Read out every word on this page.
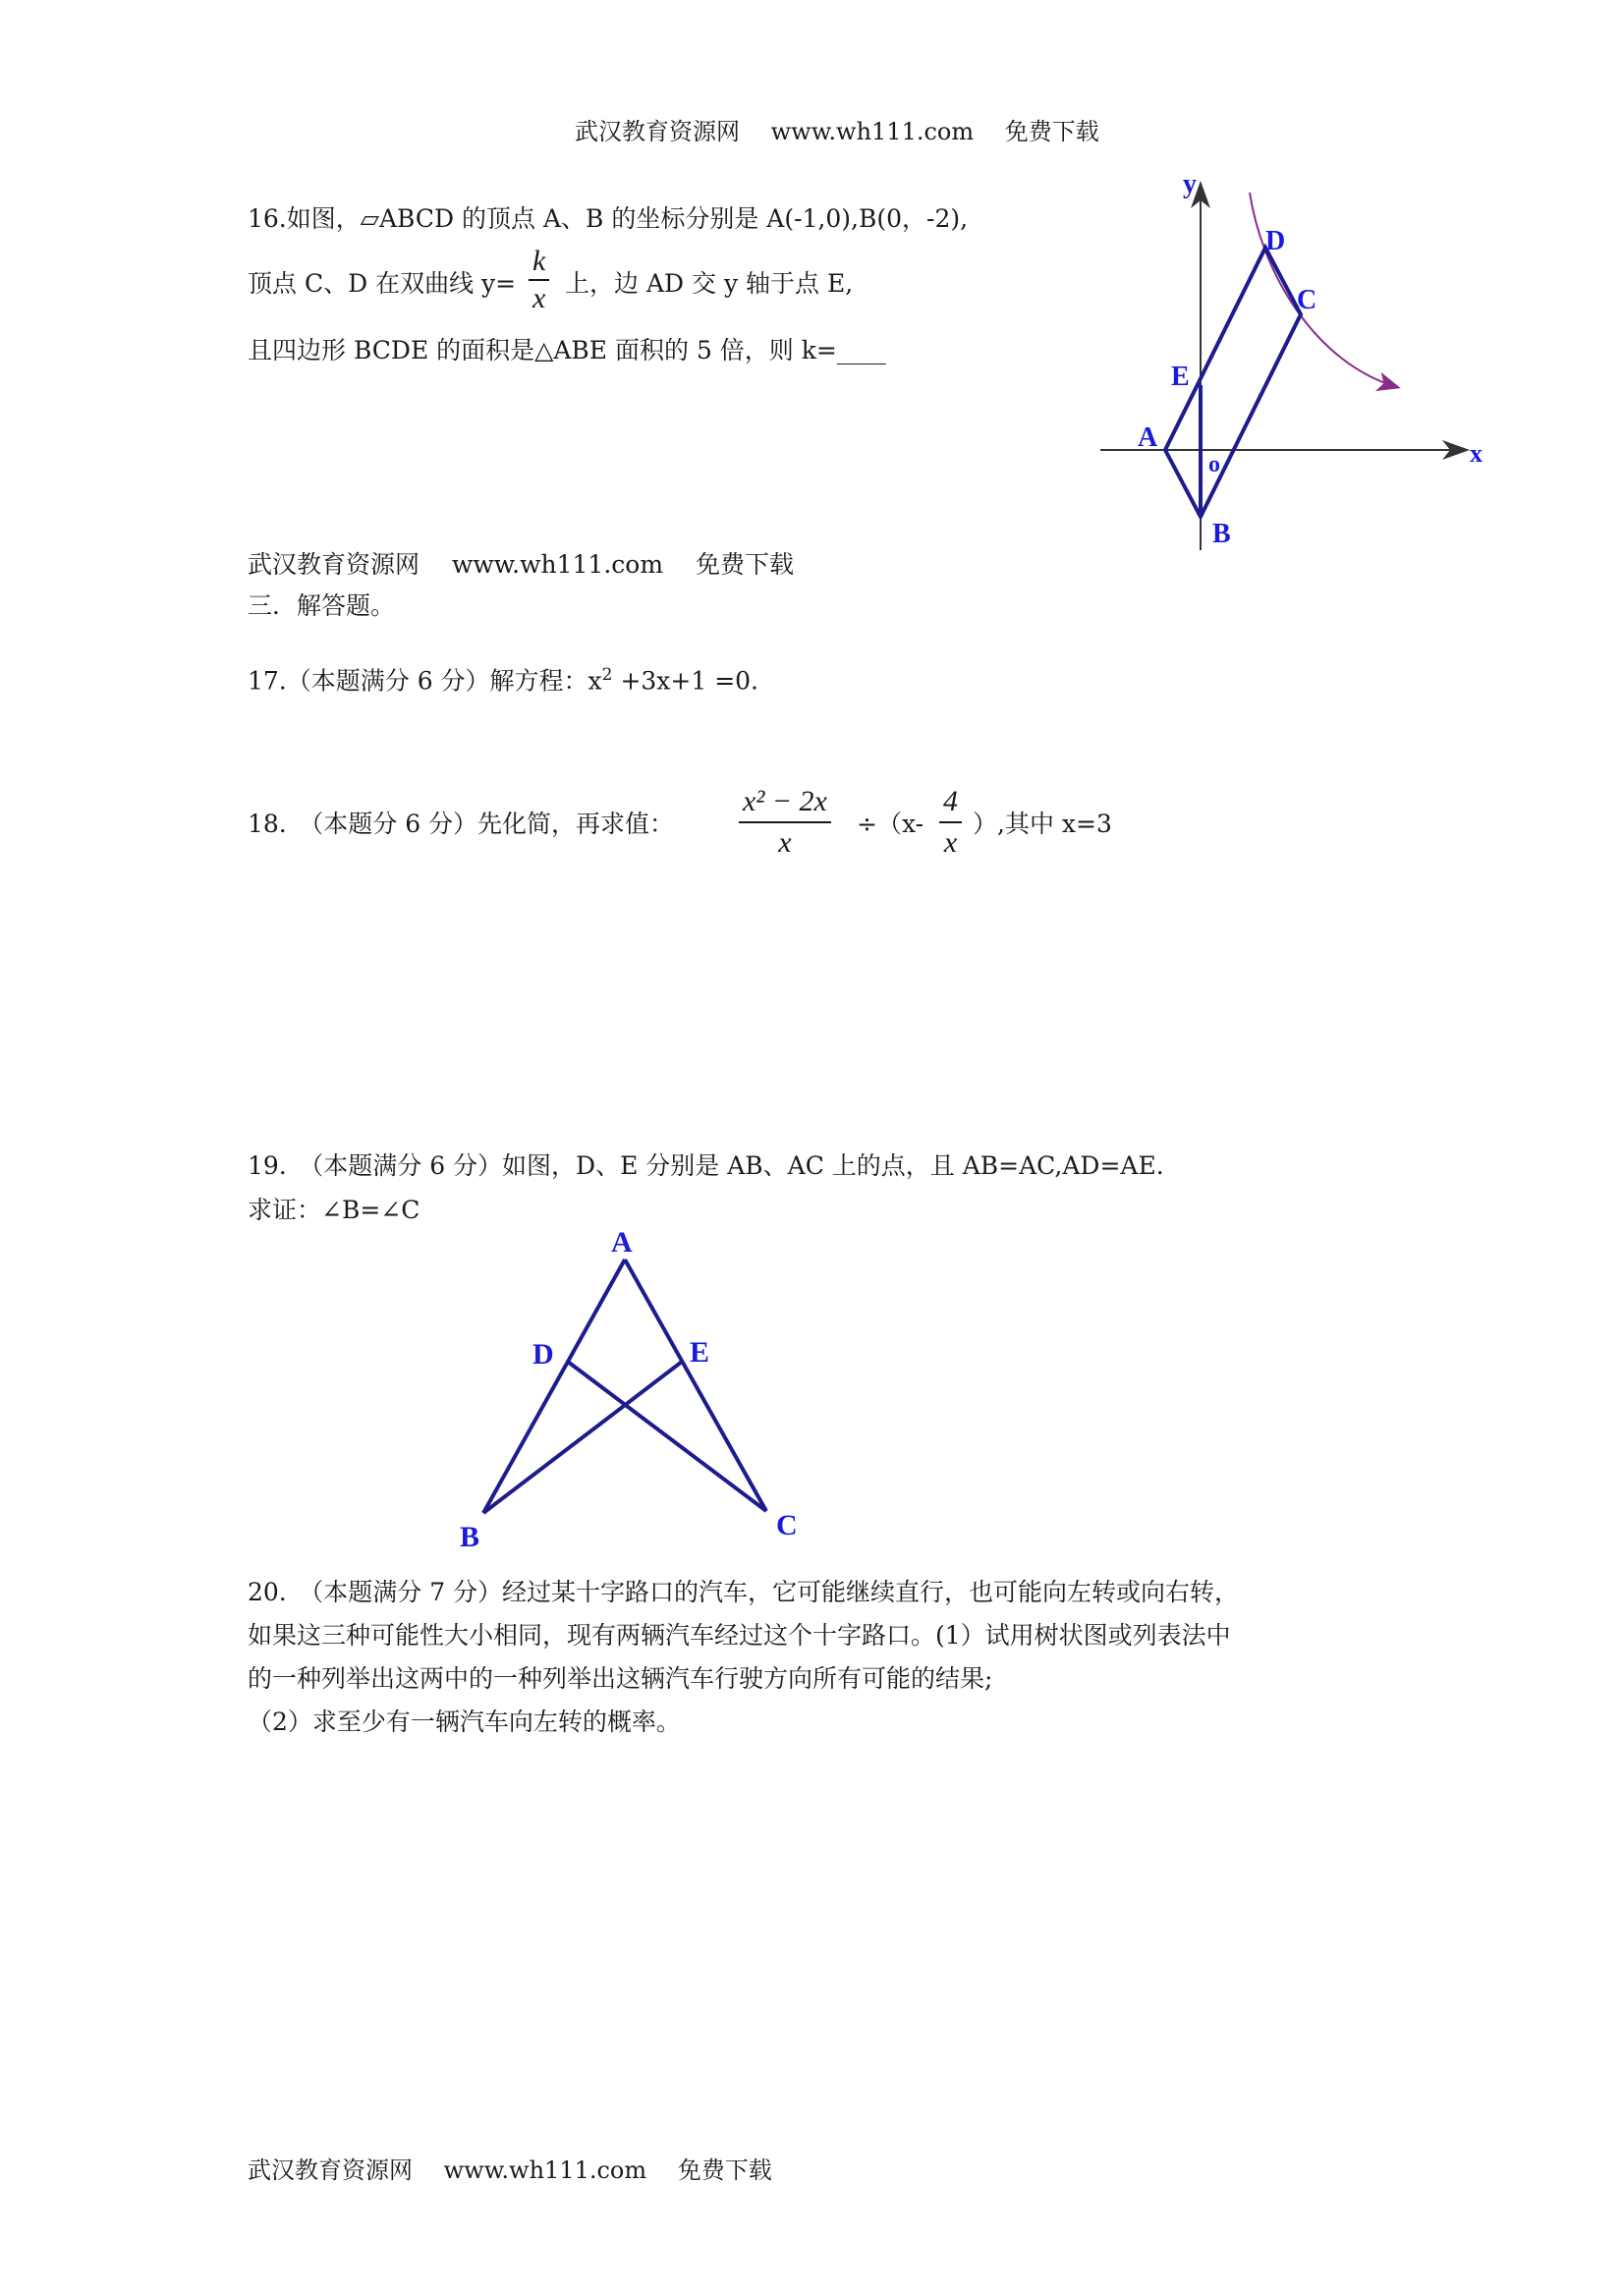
武汉教育资源网　 www.wh111.com　 免费下载
16.如图，▱ABCD 的顶点 A、B 的坐标分别是 A(-1,0),B(0，-2),
顶点 C、D 在双曲线 $y= \frac{k}{x}$ 上，边 AD 交 y 轴于点 E,
且四边形 BCDE 的面积是△ABE 面积的 5 倍，则 k=____
y
x
D
C
E
A
o
B
武汉教育资源网　 www.wh111.com　 免费下载
三．解答题。
17.（本题满分 6 分）解方程：$x^2 +3x+1 =0$.
18.　（本题分 6 分）先化简，再求值： $\frac{\text{x² − 2x}}{x} \div(x- \frac{4}{x}$ ）,其中 x=3
19.　（本题满分 6 分）如图，D、E 分别是 AB、AC 上的点，且 AB=AC,AD=AE.
求证：∠B=∠C
A
D	E
B	C
20.　（本题满分 7 分）经过某十字路口的汽车，它可能继续直行，也可能向左转或向右转，
如果这三种可能性大小相同，现有两辆汽车经过这个十字路口。(1）试用树状图或列表法中
的一种列举出这两中的一种列举出这辆汽车行驶方向所有可能的结果;
（2）求至少有一辆汽车向左转的概率。
武汉教育资源网　 www.wh111.com　 免费下载
